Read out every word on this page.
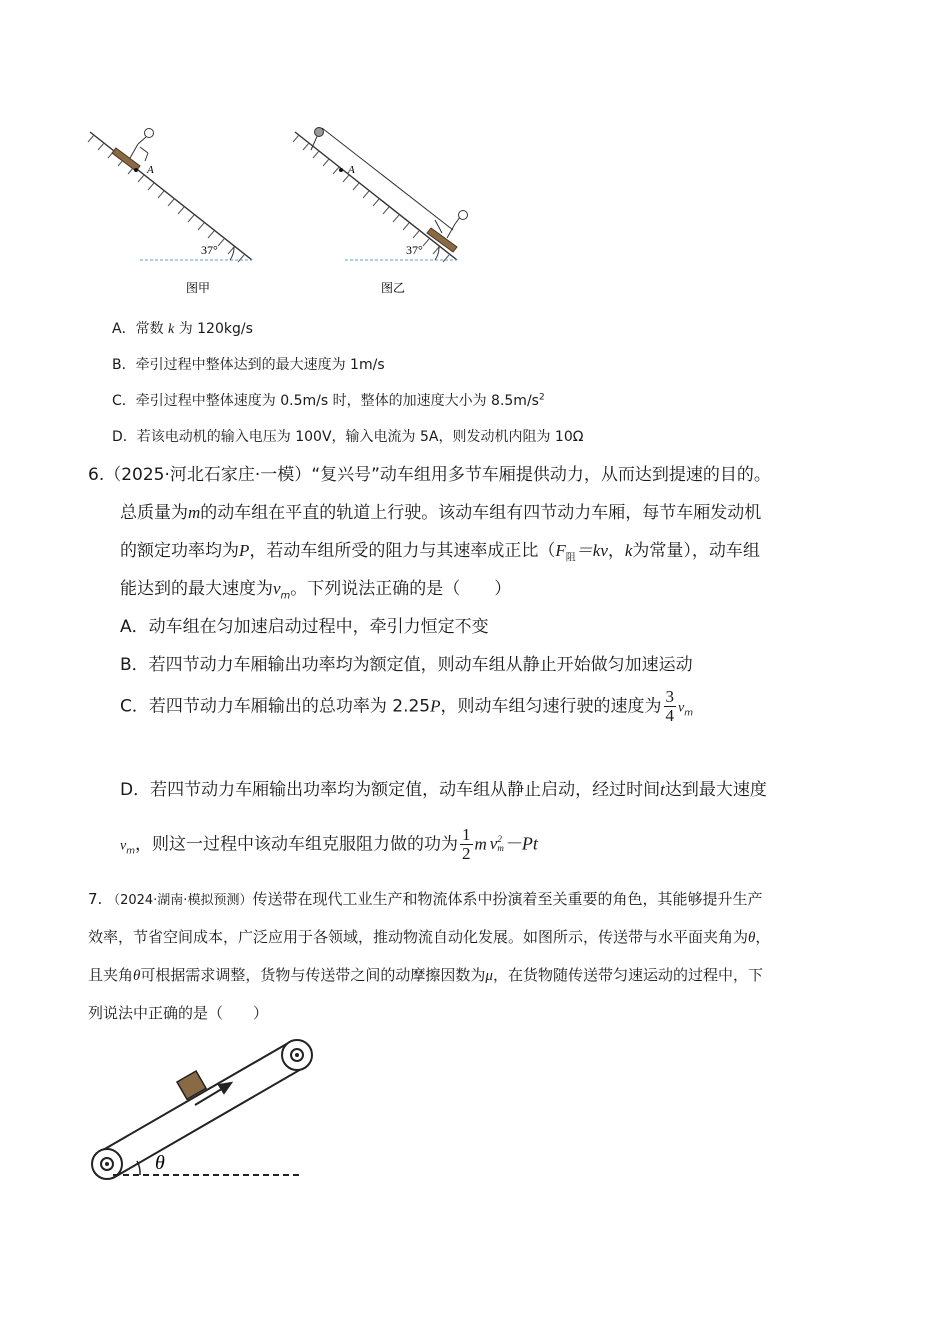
A
37°
图甲
A
37°
图乙
A．常数 k 为 120kg/s
B．牵引过程中整体达到的最大速度为 1m/s
C．牵引过程中整体速度为 0.5m/s 时，整体的加速度大小为 $8.5m/s^2$
D．若该电动机的输入电压为 100V，输入电流为 5A，则发动机内阻为 10Ω
6.（2025·河北石家庄·一模）“复兴号”动车组用多节车厢提供动力，从而达到提速的目的。
总质量为m的动车组在平直的轨道上行驶。该动车组有四节动力车厢，每节车厢发动机
的额定功率均为P，若动车组所受的阻力与其速率成正比（$F_阻=kv$，k为常量），动车组
能达到的最大速度为$v_m$。下列说法正确的是（　　）
A．动车组在匀加速启动过程中，牵引力恒定不变
B．若四节动力车厢输出功率均为额定值，则动车组从静止开始做匀加速运动
C．若四节动力车厢输出的总功率为 2.25P，则动车组匀速行驶的速度为 $\frac{3}{4} v_m$
D．若四节动力车厢输出功率均为额定值，动车组从静止启动，经过时间t达到最大速度
$v_m$，则这一过程中该动车组克服阻力做的功为 $\frac{1}{2}$ m v 2
m －Pt
7. （2024·湖南·模拟预测）传送带在现代工业生产和物流体系中扮演着至关重要的角色，其能够提升生产
效率，节省空间成本，广泛应用于各领域，推动物流自动化发展。如图所示，传送带与水平面夹角为θ，
且夹角θ可根据需求调整，货物与传送带之间的动摩擦因数为μ，在货物随传送带匀速运动的过程中，下
列说法中正确的是（　　）
θ
